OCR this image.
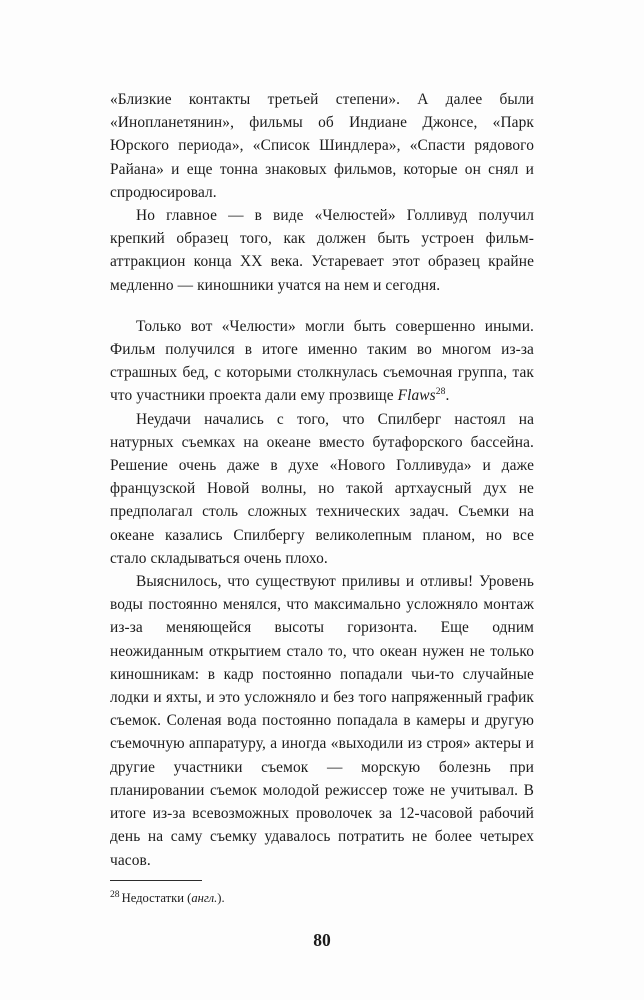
«Близкие контакты третьей степени». А далее были «Инопланетянин», фильмы об Индиане Джонсе, «Парк Юрского периода», «Список Шиндлера», «Спасти рядового Райана» и еще тонна знаковых фильмов, которые он снял и спродюсировал.

Но главное — в виде «Челюстей» Голливуд получил крепкий образец того, как должен быть устроен фильм-аттракцион конца XX века. Устаревает этот образец крайне медленно — киношники учатся на нем и сегодня.

Только вот «Челюсти» могли быть совершенно иными. Фильм получился в итоге именно таким во многом из-за страшных бед, с которыми столкнулась съемочная группа, так что участники проекта дали ему прозвище Flaws$^{28}$.

Неудачи начались с того, что Спилберг настоял на натурных съемках на океане вместо бутафорского бассейна. Решение очень даже в духе «Нового Голливуда» и даже французской Новой волны, но такой артхаусный дух не предполагал столь сложных технических задач. Съемки на океане казались Спилбергу великолепным планом, но все стало складываться очень плохо.

Выяснилось, что существуют приливы и отливы! Уровень воды постоянно менялся, что максимально усложняло монтаж из-за меняющейся высоты горизонта. Еще одним неожиданным открытием стало то, что океан нужен не только киношникам: в кадр постоянно попадали чьи-то случайные лодки и яхты, и это усложняло и без того напряженный график съемок. Соленая вода постоянно попадала в камеры и другую съемочную аппаратуру, а иногда «выходили из строя» актеры и другие участники съемок — морскую болезнь при планировании съемок молодой режиссер тоже не учитывал. В итоге из-за всевозможных проволочек за 12-часовой рабочий день на саму съемку удавалось потратить не более четырех часов.

$^{28}$ Недостатки (англ.).

80
